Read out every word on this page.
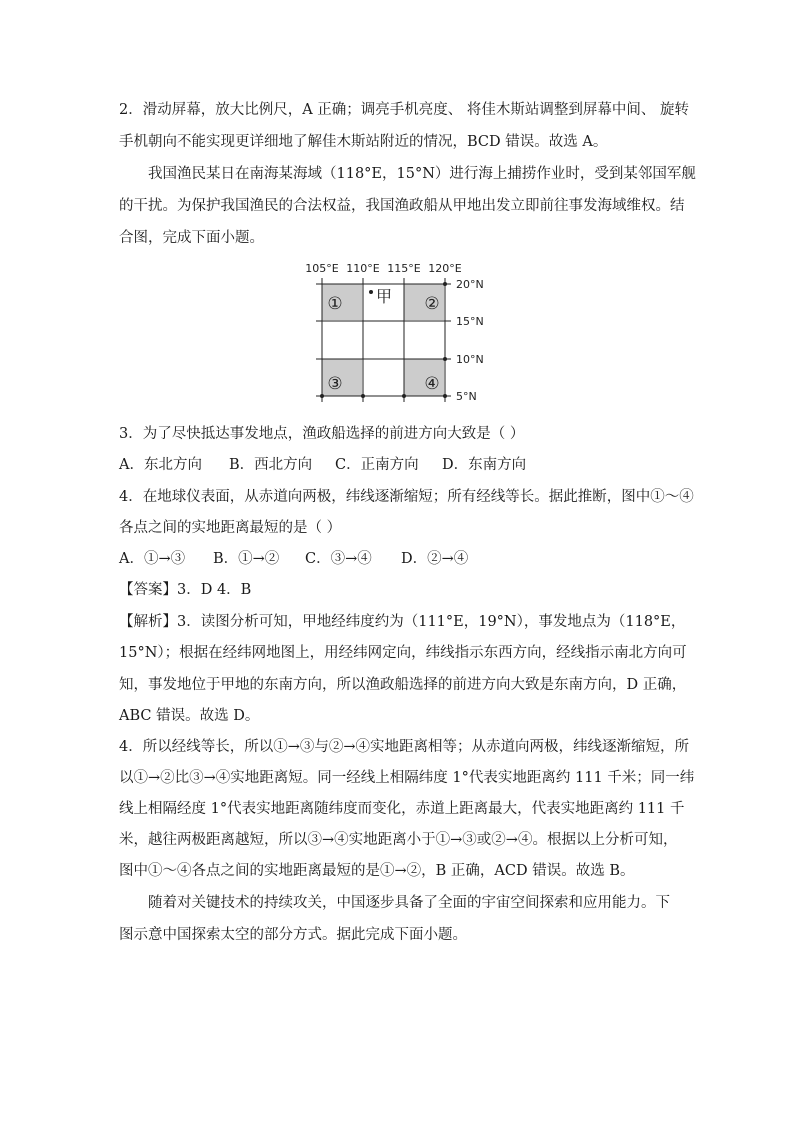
2．滑动屏幕，放大比例尺，A 正确；调亮手机亮度、 将佳木斯站调整到屏幕中间、 旋转
手机朝向不能实现更详细地了解佳木斯站附近的情况，BCD 错误。故选 A。
我国渔民某日在南海某海域（118°E，15°N）进行海上捕捞作业时，受到某邻国军舰
的干扰。为保护我国渔民的合法权益，我国渔政船从甲地出发立即前往事发海域维权。结
合图，完成下面小题。
105°E 110°E 115°E 120°E
20°N
15°N
10°N
5°N
①	②
③	④
甲
3．为了尽快抵达事发地点，渔政船选择的前进方向大致是（ ）
A．东北方向 B．西北方向 C．正南方向 D．东南方向
4．在地球仪表面，从赤道向两极，纬线逐渐缩短；所有经线等长。据此推断，图中①～④
各点之间的实地距离最短的是（ ）
A．①→③ B．①→② C．③→④ D．②→④
【答案】3．D 4．B
【解析】3．读图分析可知，甲地经纬度约为（111°E，19°N），事发地点为（118°E，
15°N）；根据在经纬网地图上，用经纬网定向，纬线指示东西方向，经线指示南北方向可
知，事发地位于甲地的东南方向，所以渔政船选择的前进方向大致是东南方向，D 正确，
ABC 错误。故选 D。
4．所以经线等长，所以①→③与②→④实地距离相等；从赤道向两极，纬线逐渐缩短，所
以①→②比③→④实地距离短。同一经线上相隔纬度 1°代表实地距离约 111 千米；同一纬
线上相隔经度 1°代表实地距离随纬度而变化，赤道上距离最大，代表实地距离约 111 千
米，越往两极距离越短，所以③→④实地距离小于①→③或②→④。根据以上分析可知，
图中①～④各点之间的实地距离最短的是①→②，B 正确，ACD 错误。故选 B。
随着对关键技术的持续攻关，中国逐步具备了全面的宇宙空间探索和应用能力。下
图示意中国探索太空的部分方式。据此完成下面小题。
